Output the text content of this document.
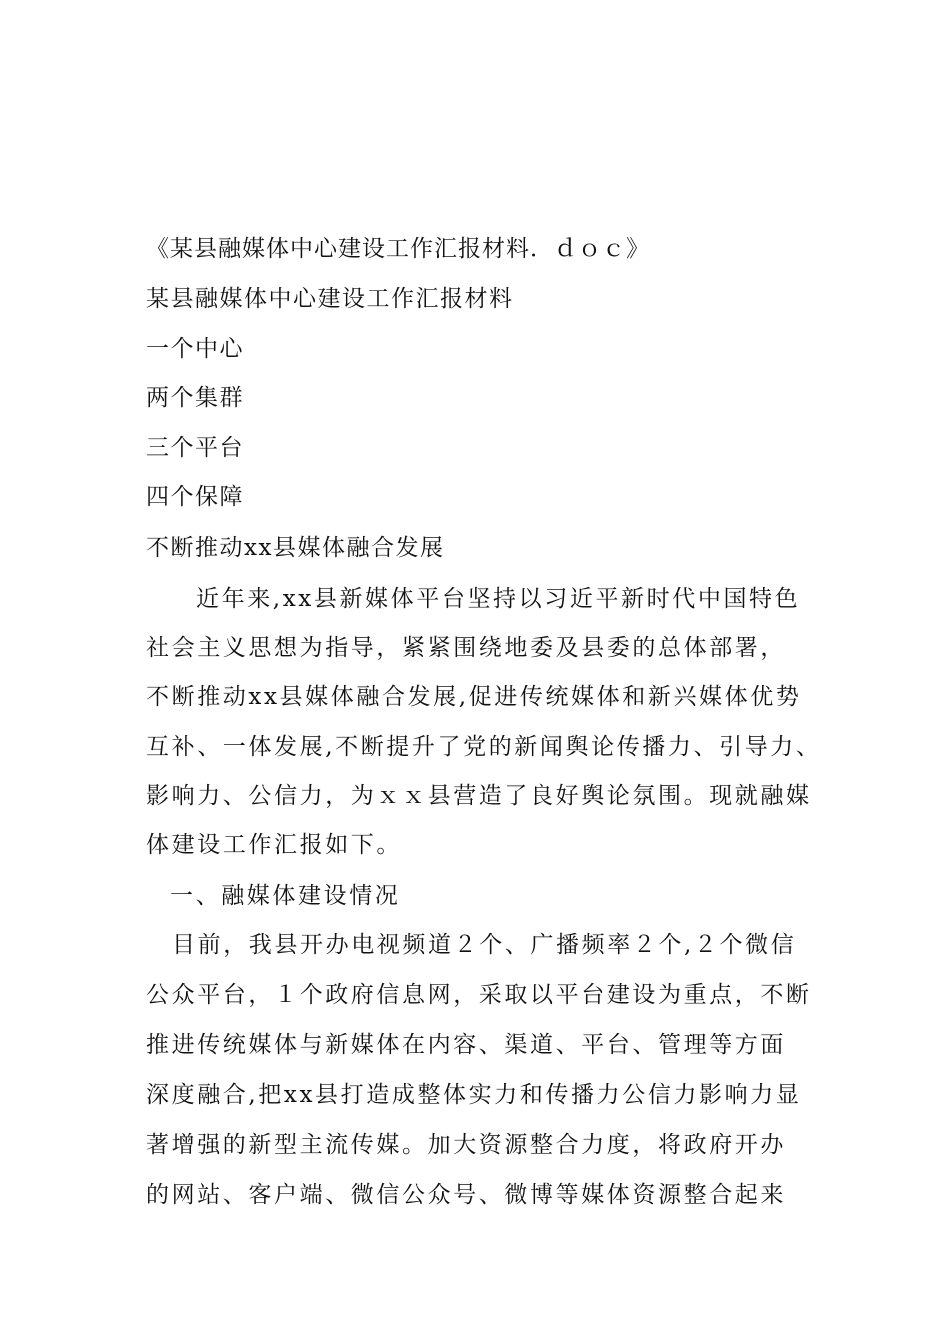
《某县融媒体中心建设工作汇报材料．ｄｏｃ》
某县融媒体中心建设工作汇报材料
一个中心
两个集群
三个平台
四个保障
不断推动xx县媒体融合发展
近年来,xx县新媒体平台坚持以习近平新时代中国特色
社会主义思想为指导，紧紧围绕地委及县委的总体部署，
不断推动xx县媒体融合发展,促进传统媒体和新兴媒体优势
互补、一体发展,不断提升了党的新闻舆论传播力、引导力、
影响力、公信力，为ｘｘ县营造了良好舆论氛围。现就融媒
体建设工作汇报如下。
一、融媒体建设情况
目前，我县开办电视频道２个、广播频率２个,２个微信
公众平台，１个政府信息网，采取以平台建设为重点，不断
推进传统媒体与新媒体在内容、渠道、平台、管理等方面
深度融合,把xx县打造成整体实力和传播力公信力影响力显
著增强的新型主流传媒。加大资源整合力度，将政府开办
的网站、客户端、微信公众号、微博等媒体资源整合起来
